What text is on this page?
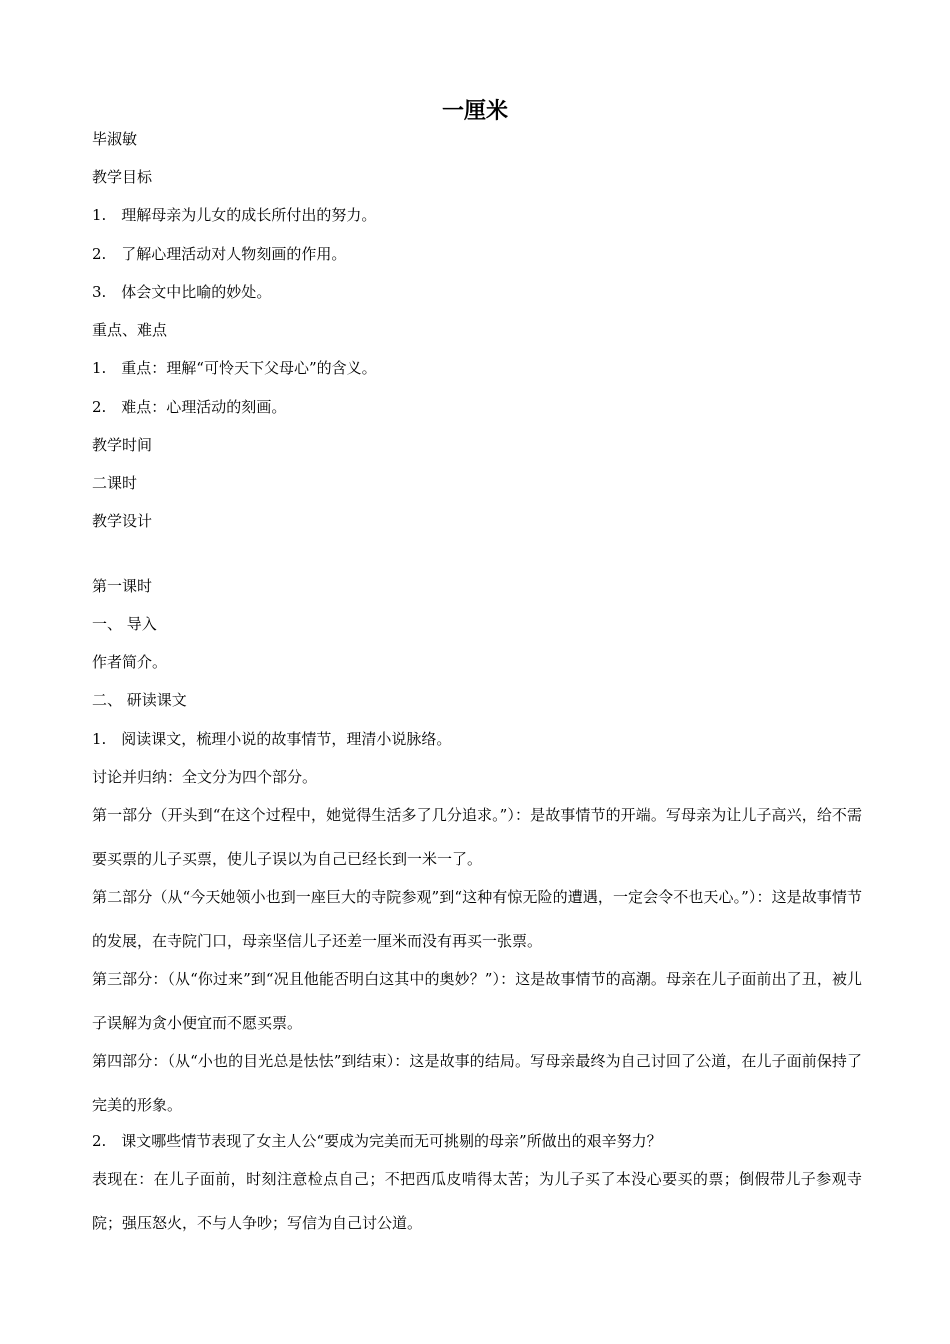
一厘米
毕淑敏
教学目标
1.　理解母亲为儿女的成长所付出的努力。
2.　了解心理活动对人物刻画的作用。
3.　体会文中比喻的妙处。
重点、难点
1.　重点：理解“可怜天下父母心”的含义。
2.　难点：心理活动的刻画。
教学时间
二课时
教学设计
第一课时
一、 导入
作者简介。
二、 研读课文
1.　阅读课文，梳理小说的故事情节，理清小说脉络。
讨论并归纳：全文分为四个部分。
第一部分（开头到“在这个过程中，她觉得生活多了几分追求。”）：是故事情节的开端。写母亲为让儿子高兴，给不需要买票的儿子买票，使儿子误以为自己已经长到一米一了。
第二部分（从“今天她领小也到一座巨大的寺院参观”到“这种有惊无险的遭遇，一定会令不也天心。”）：这是故事情节的发展，在寺院门口，母亲坚信儿子还差一厘米而没有再买一张票。
第三部分：（从“你过来”到“况且他能否明白这其中的奥妙？”）：这是故事情节的高潮。母亲在儿子面前出了丑，被儿子误解为贪小便宜而不愿买票。
第四部分：（从“小也的目光总是怯怯”到结束）：这是故事的结局。写母亲最终为自己讨回了公道，在儿子面前保持了完美的形象。
2.　课文哪些情节表现了女主人公“要成为完美而无可挑剔的母亲”所做出的艰辛努力？
表现在：在儿子面前，时刻注意检点自己；不把西瓜皮啃得太苦；为儿子买了本没心要买的票；倒假带儿子参观寺院；强压怒火，不与人争吵；写信为自己讨公道。
